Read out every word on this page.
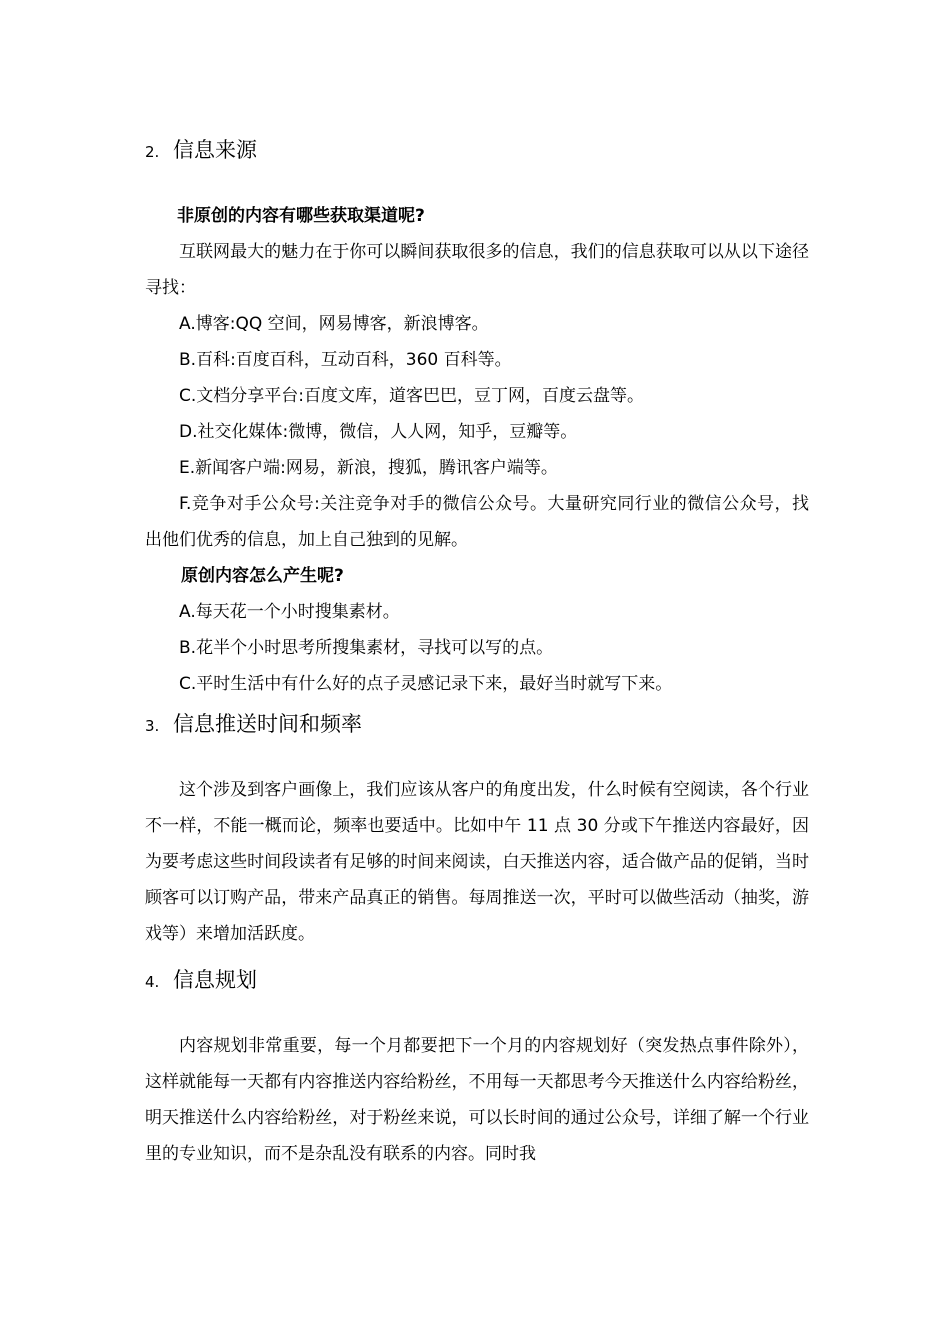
2. 信息来源

非原创的内容有哪些获取渠道呢?

互联网最大的魅力在于你可以瞬间获取很多的信息，我们的信息获取可以从以下途径寻找：

A.博客:QQ 空间，网易博客，新浪博客。

B.百科:百度百科，互动百科，360 百科等。

C.文档分享平台:百度文库，道客巴巴，豆丁网，百度云盘等。

D.社交化媒体:微博，微信，人人网，知乎，豆瓣等。

E.新闻客户端:网易，新浪，搜狐，腾讯客户端等。

F.竞争对手公众号:关注竞争对手的微信公众号。大量研究同行业的微信公众号，找出他们优秀的信息，加上自己独到的见解。

原创内容怎么产生呢?

A.每天花一个小时搜集素材。

B.花半个小时思考所搜集素材，寻找可以写的点。

C.平时生活中有什么好的点子灵感记录下来，最好当时就写下来。

3. 信息推送时间和频率

这个涉及到客户画像上，我们应该从客户的角度出发，什么时候有空阅读，各个行业不一样，不能一概而论，频率也要适中。比如中午 11 点 30 分或下午推送内容最好，因为要考虑这些时间段读者有足够的时间来阅读，白天推送内容，适合做产品的促销，当时顾客可以订购产品，带来产品真正的销售。每周推送一次，平时可以做些活动（抽奖，游戏等）来增加活跃度。

4. 信息规划

内容规划非常重要，每一个月都要把下一个月的内容规划好（突发热点事件除外），这样就能每一天都有内容推送内容给粉丝，不用每一天都思考今天推送什么内容给粉丝，明天推送什么内容给粉丝，对于粉丝来说，可以长时间的通过公众号，详细了解一个行业里的专业知识，而不是杂乱没有联系的内容。同时我
